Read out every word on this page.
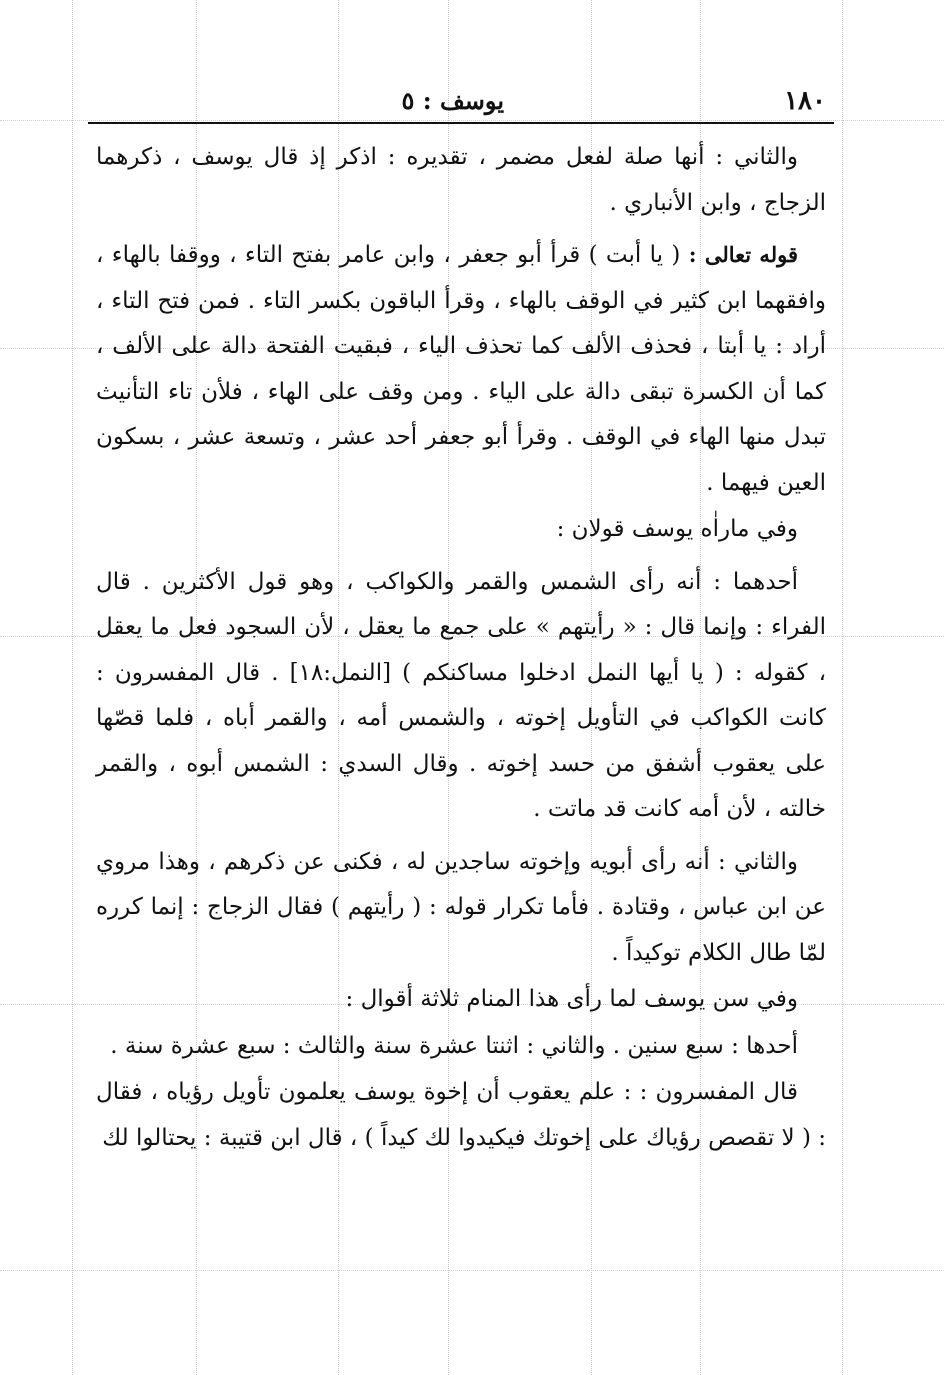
١٨٠
يوسف : ٥

والثاني : أنها صلة لفعل مضمر ، تقديره : اذكر إذ قال يوسف ، ذكرهما الزجاج ، وابن الأنباري .

قوله تعالى : ( يا أبت ) قرأ أبو جعفر ، وابن عامر بفتح التاء ، ووقفا بالهاء ، وافقهما ابن كثير في الوقف بالهاء ، وقرأ الباقون بكسر التاء . فمن فتح التاء ، أراد : يا أبتا ، فحذف الألف كما تحذف الياء ، فبقيت الفتحة دالة على الألف ، كما أن الكسرة تبقى دالة على الياء . ومن وقف على الهاء ، فلأن تاء التأنيث تبدل منها الهاء في الوقف . وقرأ أبو جعفر أحد عشر ، وتسعة عشر ، بسكون العين فيهما .

وفي ماراٰه يوسف قولان :

أحدهما : أنه رأى الشمس والقمر والكواكب ، وهو قول الأكثرين . قال الفراء : وإنما قال : « رأيتهم » على جمع ما يعقل ، لأن السجود فعل ما يعقل ، كقوله : ( يا أيها النمل ادخلوا مساكنكم ) [النمل:١٨] . قال المفسرون : كانت الكواكب في التأويل إخوته ، والشمس أمه ، والقمر أباه ، فلما قصّها على يعقوب أشفق من حسد إخوته . وقال السدي : الشمس أبوه ، والقمر خالته ، لأن أمه كانت قد ماتت .

والثاني : أنه رأى أبويه وإخوته ساجدين له ، فكنى عن ذكرهم ، وهذا مروي عن ابن عباس ، وقتادة . فأما تكرار قوله : ( رأيتهم ) فقال الزجاج : إنما كرره لمّا طال الكلام توكيداً .

وفي سن يوسف لما رأى هذا المنام ثلاثة أقوال :

أحدها : سبع سنين . والثاني : اثنتا عشرة سنة والثالث : سبع عشرة سنة .

قال المفسرون : : علم يعقوب أن إخوة يوسف يعلمون تأويل رؤياه ، فقال : ( لا تقصص رؤياك على إخوتك فيكيدوا لك كيداً ) ، قال ابن قتيبة : يحتالوا لك
